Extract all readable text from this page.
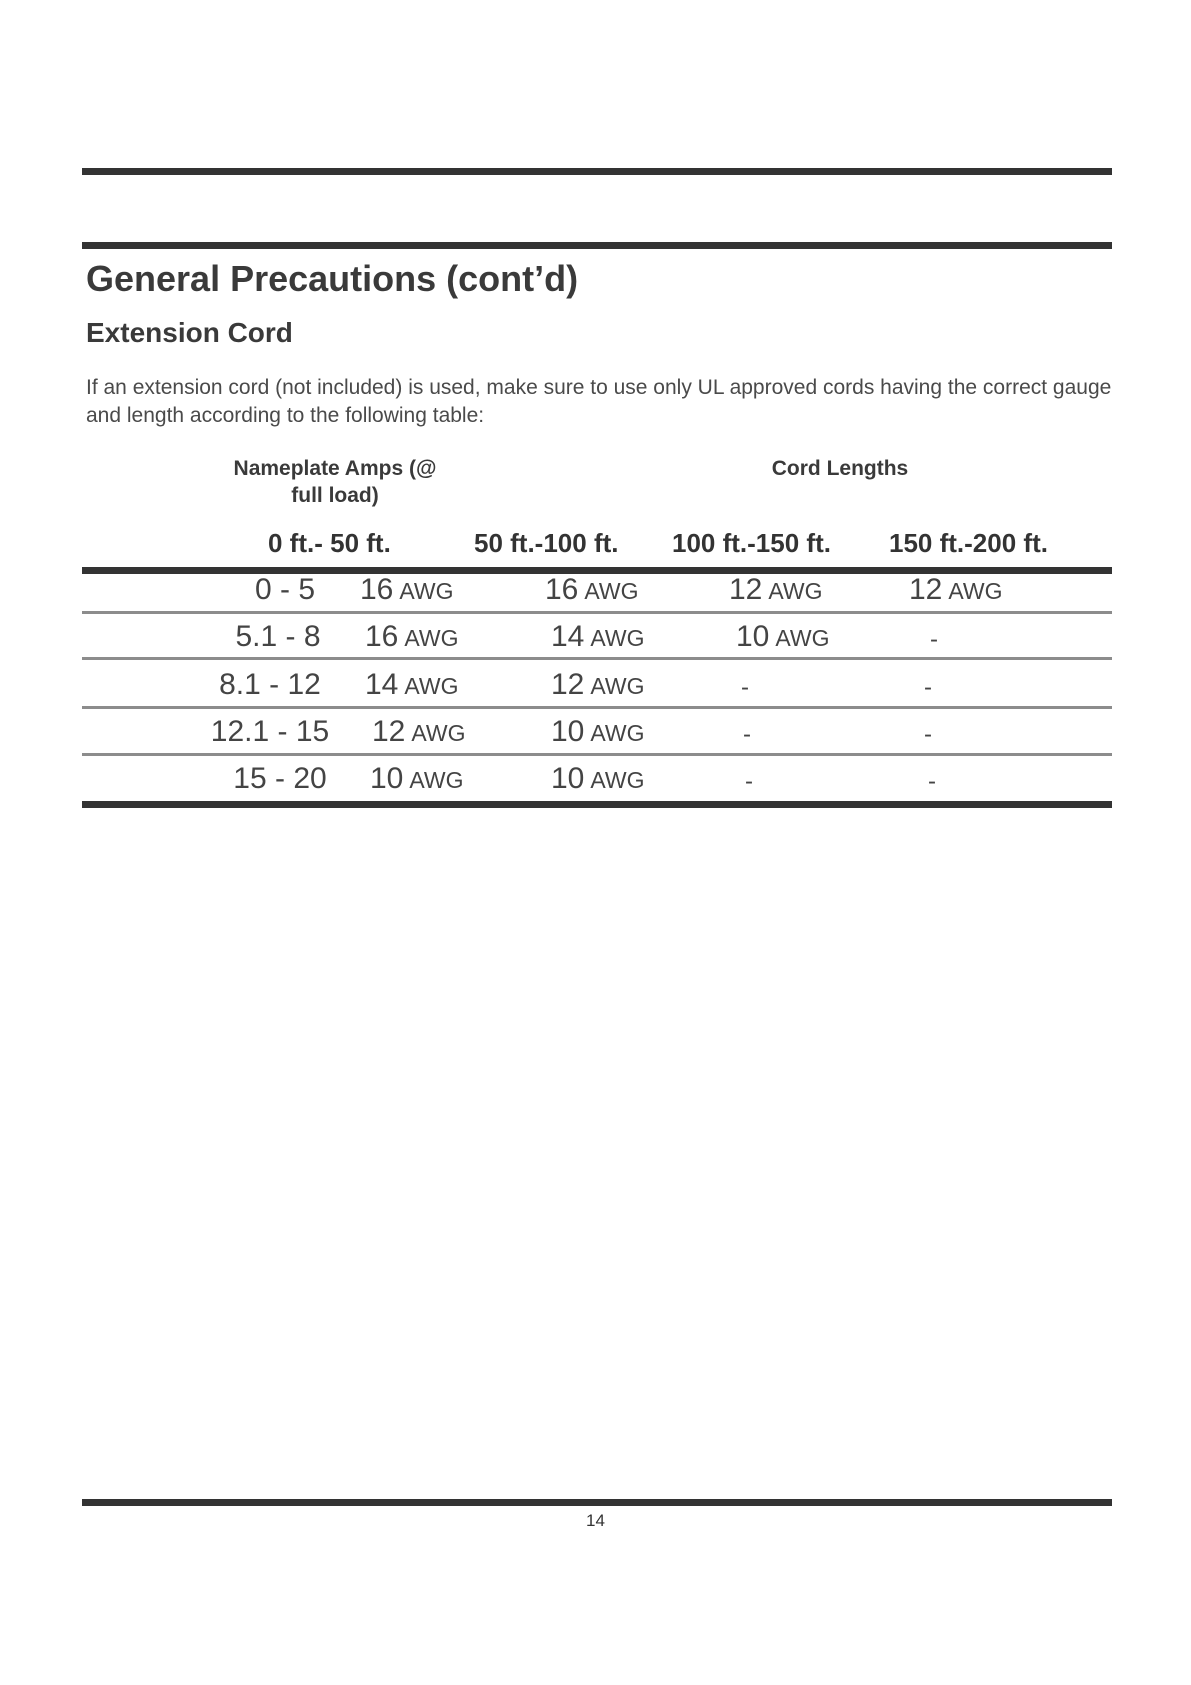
General Precautions (cont’d)
Extension Cord
If an extension cord (not included) is used, make sure to use only UL approved cords having the correct gauge and length according to the following table:
Nameplate Amps (@
full load)
Cord Lengths
0 ft.- 50 ft.	50 ft.-100 ft. 100 ft.-150 ft. 150 ft.-200 ft.
0 - 5	16 AWG	16 AWG	12 AWG	12 AWG
5.1 - 8	16 AWG	14 AWG	10 AWG	-
8.1 - 12	14 AWG	12 AWG	-	-
12.1 - 15	12 AWG	10 AWG	-	-
15 - 20	10 AWG	10 AWG	-	-
14
